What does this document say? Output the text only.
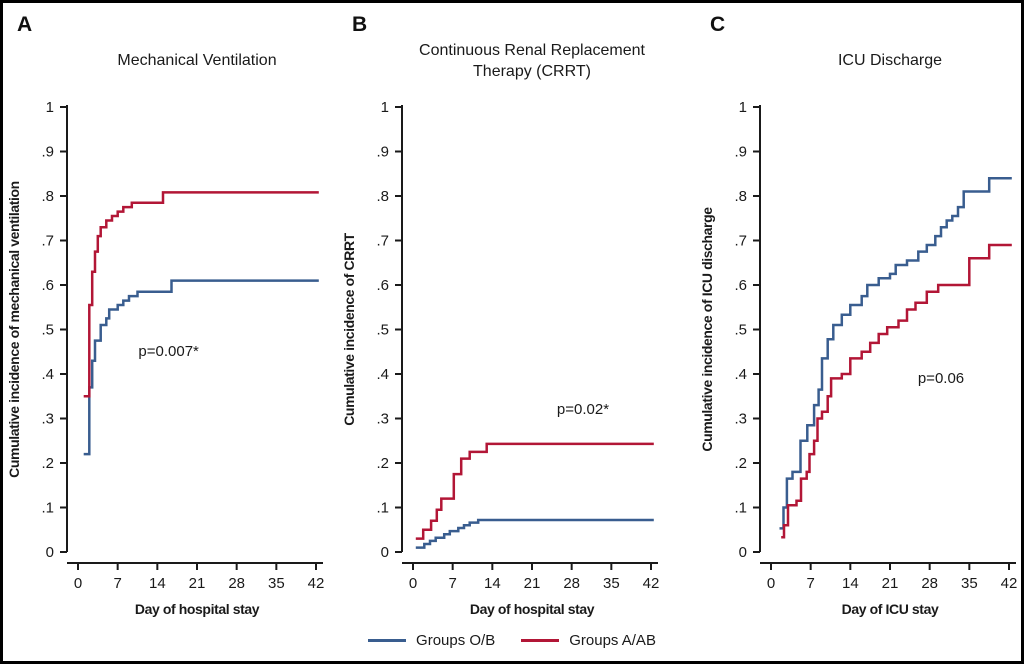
A
Mechanical Ventilation
0
.1
.2
.3
.4
.5
.6
.7
.8
.9
1
0 7 14 21 28 35 42
Cumulative incidence of mechanical ventilation
Day of hospital stay
p=0.007*
B
Continuous Renal Replacement Therapy (CRRT)
0
.1
.2
.3
.4
.5
.6
.7
.8
.9
1
0 7 14 21 28 35 42
Cumulative incidence of CRRT
Day of hospital stay
p=0.02*
C
ICU Discharge
0
.1
.2
.3
.4
.5
.6
.7
.8
.9
1
0 7 14 21 28 35 42
Cumulative incidence of ICU discharge
Day of ICU stay
p=0.06
Groups O/B	Groups A/AB
